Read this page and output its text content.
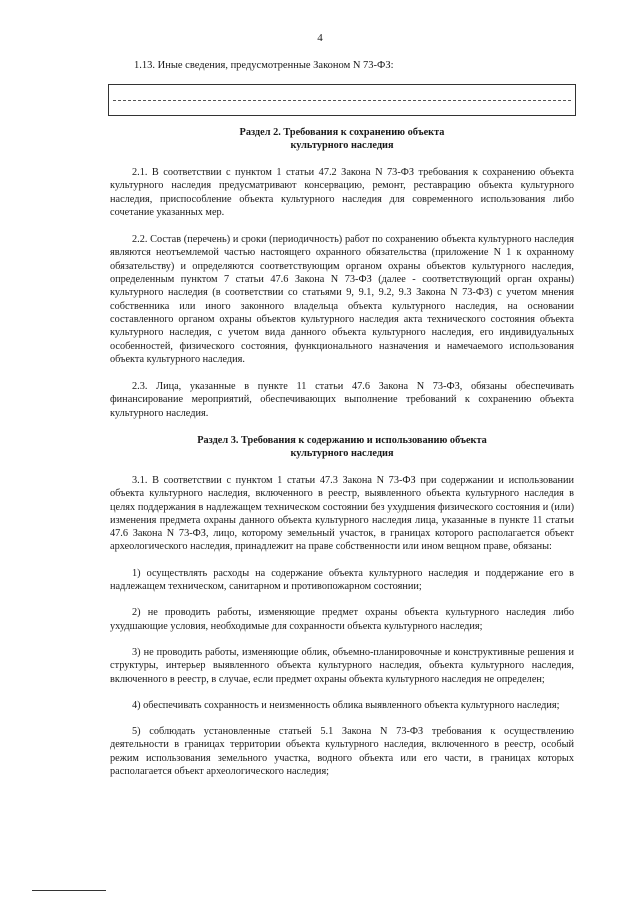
4
1.13. Иные сведения, предусмотренные Законом N 73-ФЗ:

Раздел 2. Требования к сохранению объекта культурного наследия

2.1. В соответствии с пунктом 1 статьи 47.2 Закона N 73-ФЗ требования к сохранению объекта культурного наследия предусматривают консервацию, ремонт, реставрацию объекта культурного наследия, приспособление объекта культурного наследия для современного использования либо сочетание указанных мер.

2.2. Состав (перечень) и сроки (периодичность) работ по сохранению объекта культурного наследия являются неотъемлемой частью настоящего охранного обязательства (приложение N 1 к охранному обязательству) и определяются соответствующим органом охраны объектов культурного наследия, определенным пунктом 7 статьи 47.6 Закона N 73-ФЗ (далее - соответствующий орган охраны) культурного наследия (в соответствии со статьями 9, 9.1, 9.2, 9.3 Закона N 73-ФЗ) с учетом мнения собственника или иного законного владельца объекта культурного наследия, на основании составленного органом охраны объектов культурного наследия акта технического состояния объекта культурного наследия, с учетом вида данного объекта культурного наследия, его индивидуальных особенностей, физического состояния, функционального назначения и намечаемого использования объекта культурного наследия.

2.3. Лица, указанные в пункте 11 статьи 47.6 Закона N 73-ФЗ, обязаны обеспечивать финансирование мероприятий, обеспечивающих выполнение требований к сохранению объекта культурного наследия.

Раздел 3. Требования к содержанию и использованию объекта культурного наследия

3.1. В соответствии с пунктом 1 статьи 47.3 Закона N 73-ФЗ при содержании и использовании объекта культурного наследия, включенного в реестр, выявленного объекта культурного наследия в целях поддержания в надлежащем техническом состоянии без ухудшения физического состояния и (или) изменения предмета охраны данного объекта культурного наследия лица, указанные в пункте 11 статьи 47.6 Закона N 73-ФЗ, лицо, которому земельный участок, в границах которого располагается объект археологического наследия, принадлежит на праве собственности или ином вещном праве, обязаны:

1) осуществлять расходы на содержание объекта культурного наследия и поддержание его в надлежащем техническом, санитарном и противопожарном состоянии;

2) не проводить работы, изменяющие предмет охраны объекта культурного наследия либо ухудшающие условия, необходимые для сохранности объекта культурного наследия;

3) не проводить работы, изменяющие облик, объемно-планировочные и конструктивные решения и структуры, интерьер выявленного объекта культурного наследия, объекта культурного наследия, включенного в реестр, в случае, если предмет охраны объекта культурного наследия не определен;

4) обеспечивать сохранность и неизменность облика выявленного объекта культурного наследия;

5) соблюдать установленные статьей 5.1 Закона N 73-ФЗ требования к осуществлению деятельности в границах территории объекта культурного наследия, включенного в реестр, особый режим использования земельного участка, водного объекта или его части, в границах которых располагается объект археологического наследия;
